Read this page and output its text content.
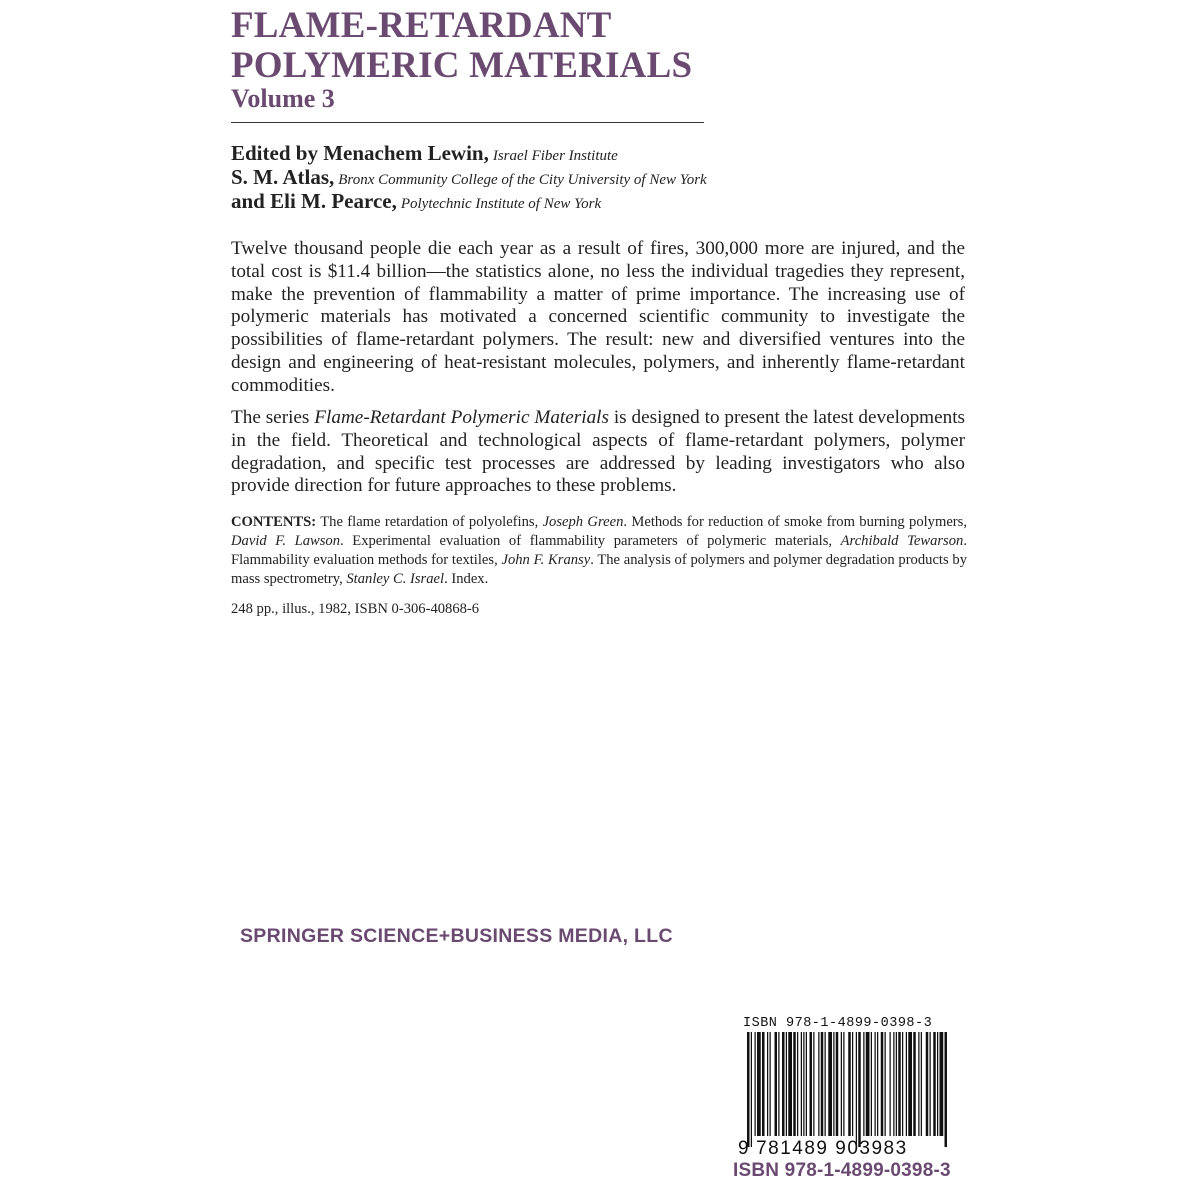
FLAME-RETARDANT
POLYMERIC MATERIALS
Volume 3
Edited by Menachem Lewin, Israel Fiber Institute
S. M. Atlas, Bronx Community College of the City University of New York
and Eli M. Pearce, Polytechnic Institute of New York

Twelve thousand people die each year as a result of fires, 300,000 more are injured, and the total cost is $11.4 billion—the statistics alone, no less the individual tragedies they represent, make the prevention of flammability a matter of prime importance. The increasing use of polymeric materials has motivated a concerned scientific community to investigate the possibilities of flame-retardant polymers. The result: new and diversified ventures into the design and engineering of heat-​resistant molecules, polymers, and inherently flame-retardant commodities.

The series Flame-Retardant Polymeric Materials is designed to present the latest developments in the field. Theoretical and technological aspects of flame-retardant polymers, polymer degradation, and specific test processes are addressed by leading investigators who also provide direction for future approaches to these problems.

CONTENTS: The flame retardation of polyolefins, Joseph Green. Methods for reduction of smoke from burning polymers, David F. Lawson. Experimental evaluation of flammability parameters of polymeric materials, Archibald Tewarson. Flammability evaluation methods for textiles, John F. Kransy. The analysis of polymers and polymer degradation products by mass spectrometry, Stanley C. Israel. Index.

248 pp., illus., 1982, ISBN 0-306-40868-6
SPRINGER SCIENCE+BUSINESS MEDIA, LLC
ISBN 978-1-4899-0398-3
9 781489 903983
ISBN 978-1-4899-0398-3
